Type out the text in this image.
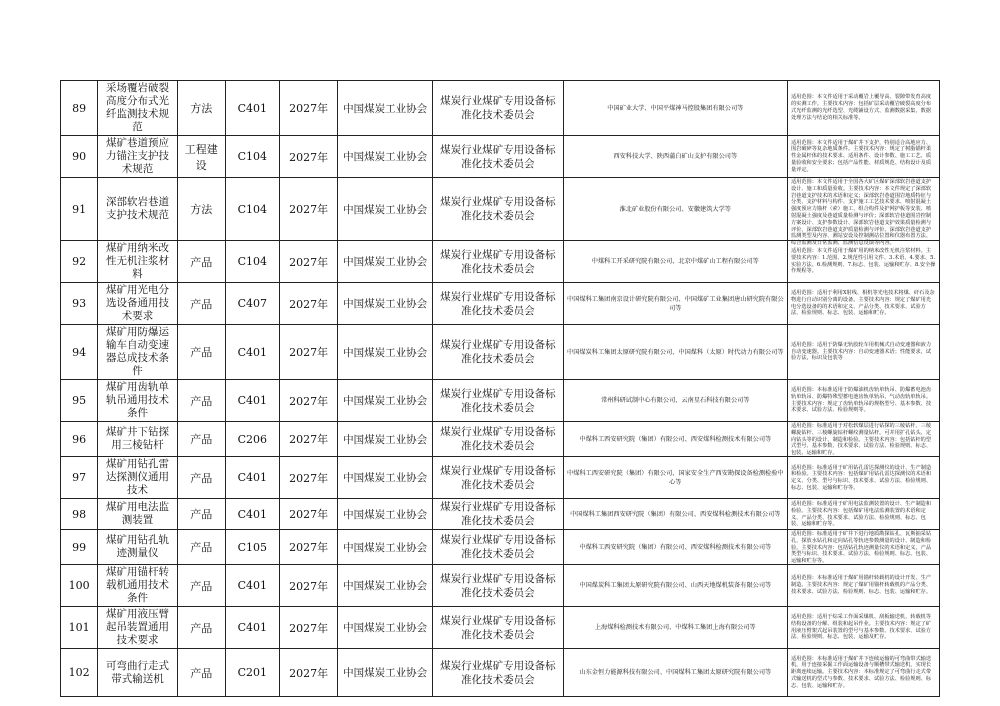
89	采场覆岩破裂高度分布式光纤监测技术规范	方法	C401	2027年	中国煤炭工业协会	煤炭行业煤矿专用设备标准化技术委员会	中国矿业大学、中国平煤神马控股集团有限公司等	适用范围：本文件适用于采动覆岩上覆导高、裂隙带发育高度的实测工作。主要技术内容：包括矿层采动覆岩破裂高度分布式光纤监测的光纤选型、光缆铺设方式、监测数据采集、数据处理方法与结论的相关标准等。

90	煤矿巷道预应力锚注支护技术规范	工程建设	C104	2027年	中国煤炭工业协会	煤炭行业煤矿专用设备标准化技术委员会	西安科技大学、陕西蒲白矿山支护有限公司等	适用范围：本文件适用于煤矿井下支护，特别适合高地应力、围岩破碎等复杂地质条件。主要技术内容：规定了树脂锚杆柔性金属杆体的技术要求、适用条件、设计参数、施工工艺、质量验收和安全要求；包括产品性能、材质规范、结构设计及质量评定。

91	深部软岩巷道支护技术规范	方法	C104	2027年	中国煤炭工业协会	煤炭行业煤矿专用设备标准化技术委员会	淮北矿业股份有限公司、安徽建筑大学等	适用范围：本文件适用于全国各大矿区煤矿深部软岩巷道支护设计、施工和质量验收。主要技术内容：本文件规定了深部软岩巷道支护技术的术语和定义；深部软岩巷道围岩地质特征与分类、支护材料与构件、支护施工工艺技术要求、喷射混凝土强度预应力锚杆（索）施工、组合构件及护网护板等安装、喷射混凝土强度及巷道质量检测与评价；深部软岩巷道围岩控制方案设计、支护参数设计、深部软岩巷道支护效果质量检测与评价、深部软岩巷道支护质量检测与评价、深部软岩巷道支护监测类型及内容、测站安设及控制测站位置和仪器布置方法、综合监测及日常监测、监测信息反馈等内容。

92	煤矿用纳米改性无机注浆材料	产品	C104	2027年	中国煤炭工业协会	煤炭行业煤矿专用设备标准化技术委员会	中煤科工开采研究院有限公司、北京中煤矿山工程有限公司等	适用范围：本文件适用于煤矿用的纳米改性无机注浆材料。主要技术内容：1.范围、2.规范性引用文件、3.术语、4.要求、5.实验方法、6.检测规则、7.标志、包装、运输和贮存、8.安全操作规程等。

93	煤矿用光电分选设备通用技术要求	产品	C407	2027年	中国煤炭工业协会	煤炭行业煤矿专用设备标准化技术委员会	中国煤科工集团南京设计研究院有限公司、中国煤矿工业集团唐山研究院有限公司等	适用范围：适用于利用X射线、相机等光电技术将煤、矸石及杂物进行自动识别分离的设备。主要技术内容：规定了煤矿用光电分选设备的的术语和定义、产品分类、技术要求、试验方法、检验规则、标志、包装、运输和贮存。

94	煤矿用防爆运输车自动变速器总成技术条件	产品	C401	2027年	中国煤炭工业协会	煤炭行业煤矿专用设备标准化技术委员会	中国煤炭科工集团太原研究院有限公司、中国煤科（太原）时代动力有限公司等	适用范围：适用于防爆无轨胶轮车用机械式自动变速器和液力自动变速器。主要技术内容：自动变速器术语；性能要求，试验方法，标识及包装等

95	煤矿用齿轨单轨吊通用技术条件	产品	C401	2027年	中国煤炭工业协会	煤炭行业煤矿专用设备标准化技术委员会	常州科研试制中心有限公司、云南星石科技有限公司等	适用范围：本标准适用于防爆油机齿轨单轨吊、防爆蓄电池齿轨单轨吊、防爆特殊型蓄电池齿轨单轨吊、气动齿轨单轨吊。主要技术内容：规定了齿轨单轨吊的规格型号、基本参数、技术要求、试验方法、检验规则等。

96	煤矿井下钻探用三棱钻杆	产品	C206	2027年	中国煤炭工业协会	煤炭行业煤矿专用设备标准化技术委员会	中煤科工西安研究院（集团）有限公司、西安煤科检测技术有限公司等	适用范围：标准适用于对松软煤层进行钻探的三棱钻杆、三棱螺旋钻杆、三棱螺旋钻杆螺纹测量钻杆，可并用扩孔钻头、定向钻头等的设计、制造和检验。主要技术内容：包括钻杆的型式型号、基本参数、技术要求、试验方法、检验规则、标志、包装、运输和贮存。

97	煤矿用钻孔雷达探测仪通用技术	产品	C401	2027年	中国煤炭工业协会	煤炭行业煤矿专用设备标准化技术委员会	中煤科工西安研究院（集团）有限公司、国家安全生产西安勘探设备检测检验中心等	适用范围：标准适用于矿用钻孔雷达探测仪的设计、生产制造和检验。主要技术内容：包括煤矿用钻孔雷达探测仪的术语和定义、分类、型号与标识、技术要求、试验方法、检验规则、标志、包装、运输和贮存等。

98	煤矿用电法监测装置	产品	C401	2027年	中国煤炭工业协会	煤炭行业煤矿专用设备标准化技术委员会	中国煤科工集团西安研究院（集团）有限公司、西安煤科检测技术有限公司等	适用范围：标准适用于矿用电法监测装置的设计、生产制造和检验。主要技术内容：包括煤矿用电法监测装置的术语和定义、产品分类、技术要求、试验方法、检验规则、标志、包装、运输和贮存等。

99	煤矿用钻孔轨迹测量仪	产品	C105	2027年	中国煤炭工业协会	煤炭行业煤矿专用设备标准化技术委员会	中煤科工西安研究院（集团）有限公司、西安煤科检测技术有限公司等	适用范围：标准适用于矿井下进行地质勘探钻孔、瓦斯抽采钻孔、探放水钻孔和定向钻孔等轨迹参数测量的设计、制造和检验。主要技术内容：包括钻孔轨迹测量仪的术语和定义、产品类型与标识、技术要求、试验方法、检验规则、标志、包装、运输和贮存等。

100	煤矿用锚杆转载机通用技术条件	产品	C401	2027年	中国煤炭工业协会	煤炭行业煤矿专用设备标准化技术委员会	中国煤炭科工集团太原研究院有限公司、山西天地煤机装备有限公司等	适用范围：本标准适用于煤矿用锚杆转载机的设计开发、生产制造。主要技术内容：规定了煤矿用锚杆转载机的产品分类、技术要求、试验方法、检验规则、标志、包装、运输和贮存。

101	煤矿用液压臂起吊装置通用技术要求	产品	C401	2027年	中国煤炭工业协会	煤炭行业煤矿专用设备标准化技术委员会	上海煤科检测技术有限公司、中煤科工集团上海有限公司等	适用范围：适用于综采工作面采煤机、刮板输送机、转载机等结构设备的分解、组装和起吊作业。主要技术内容：规定了矿用液压臂架式起吊装置的型号与基本参数、技术要求、试验方法、检验规则、标志、包装、运输及贮存。

102	可弯曲行走式带式输送机	产品	C201	2027年	中国煤炭工业协会	煤炭行业煤矿专用设备标准化技术委员会	山东金恒力能源科技有限公司、中国煤科工集团太原研究院有限公司等	适用范围：本标准适用于煤矿井下连续运输的可弯曲带式输送机，用于连接采掘工作面运输设备与顺槽带式输送机，实现长距离连续运输。主要技术内容：本标准规定了可弯曲行走式带式输送机的型式与参数、技术要求、试验方法、检验规则、标志、包装、运输和贮存。
